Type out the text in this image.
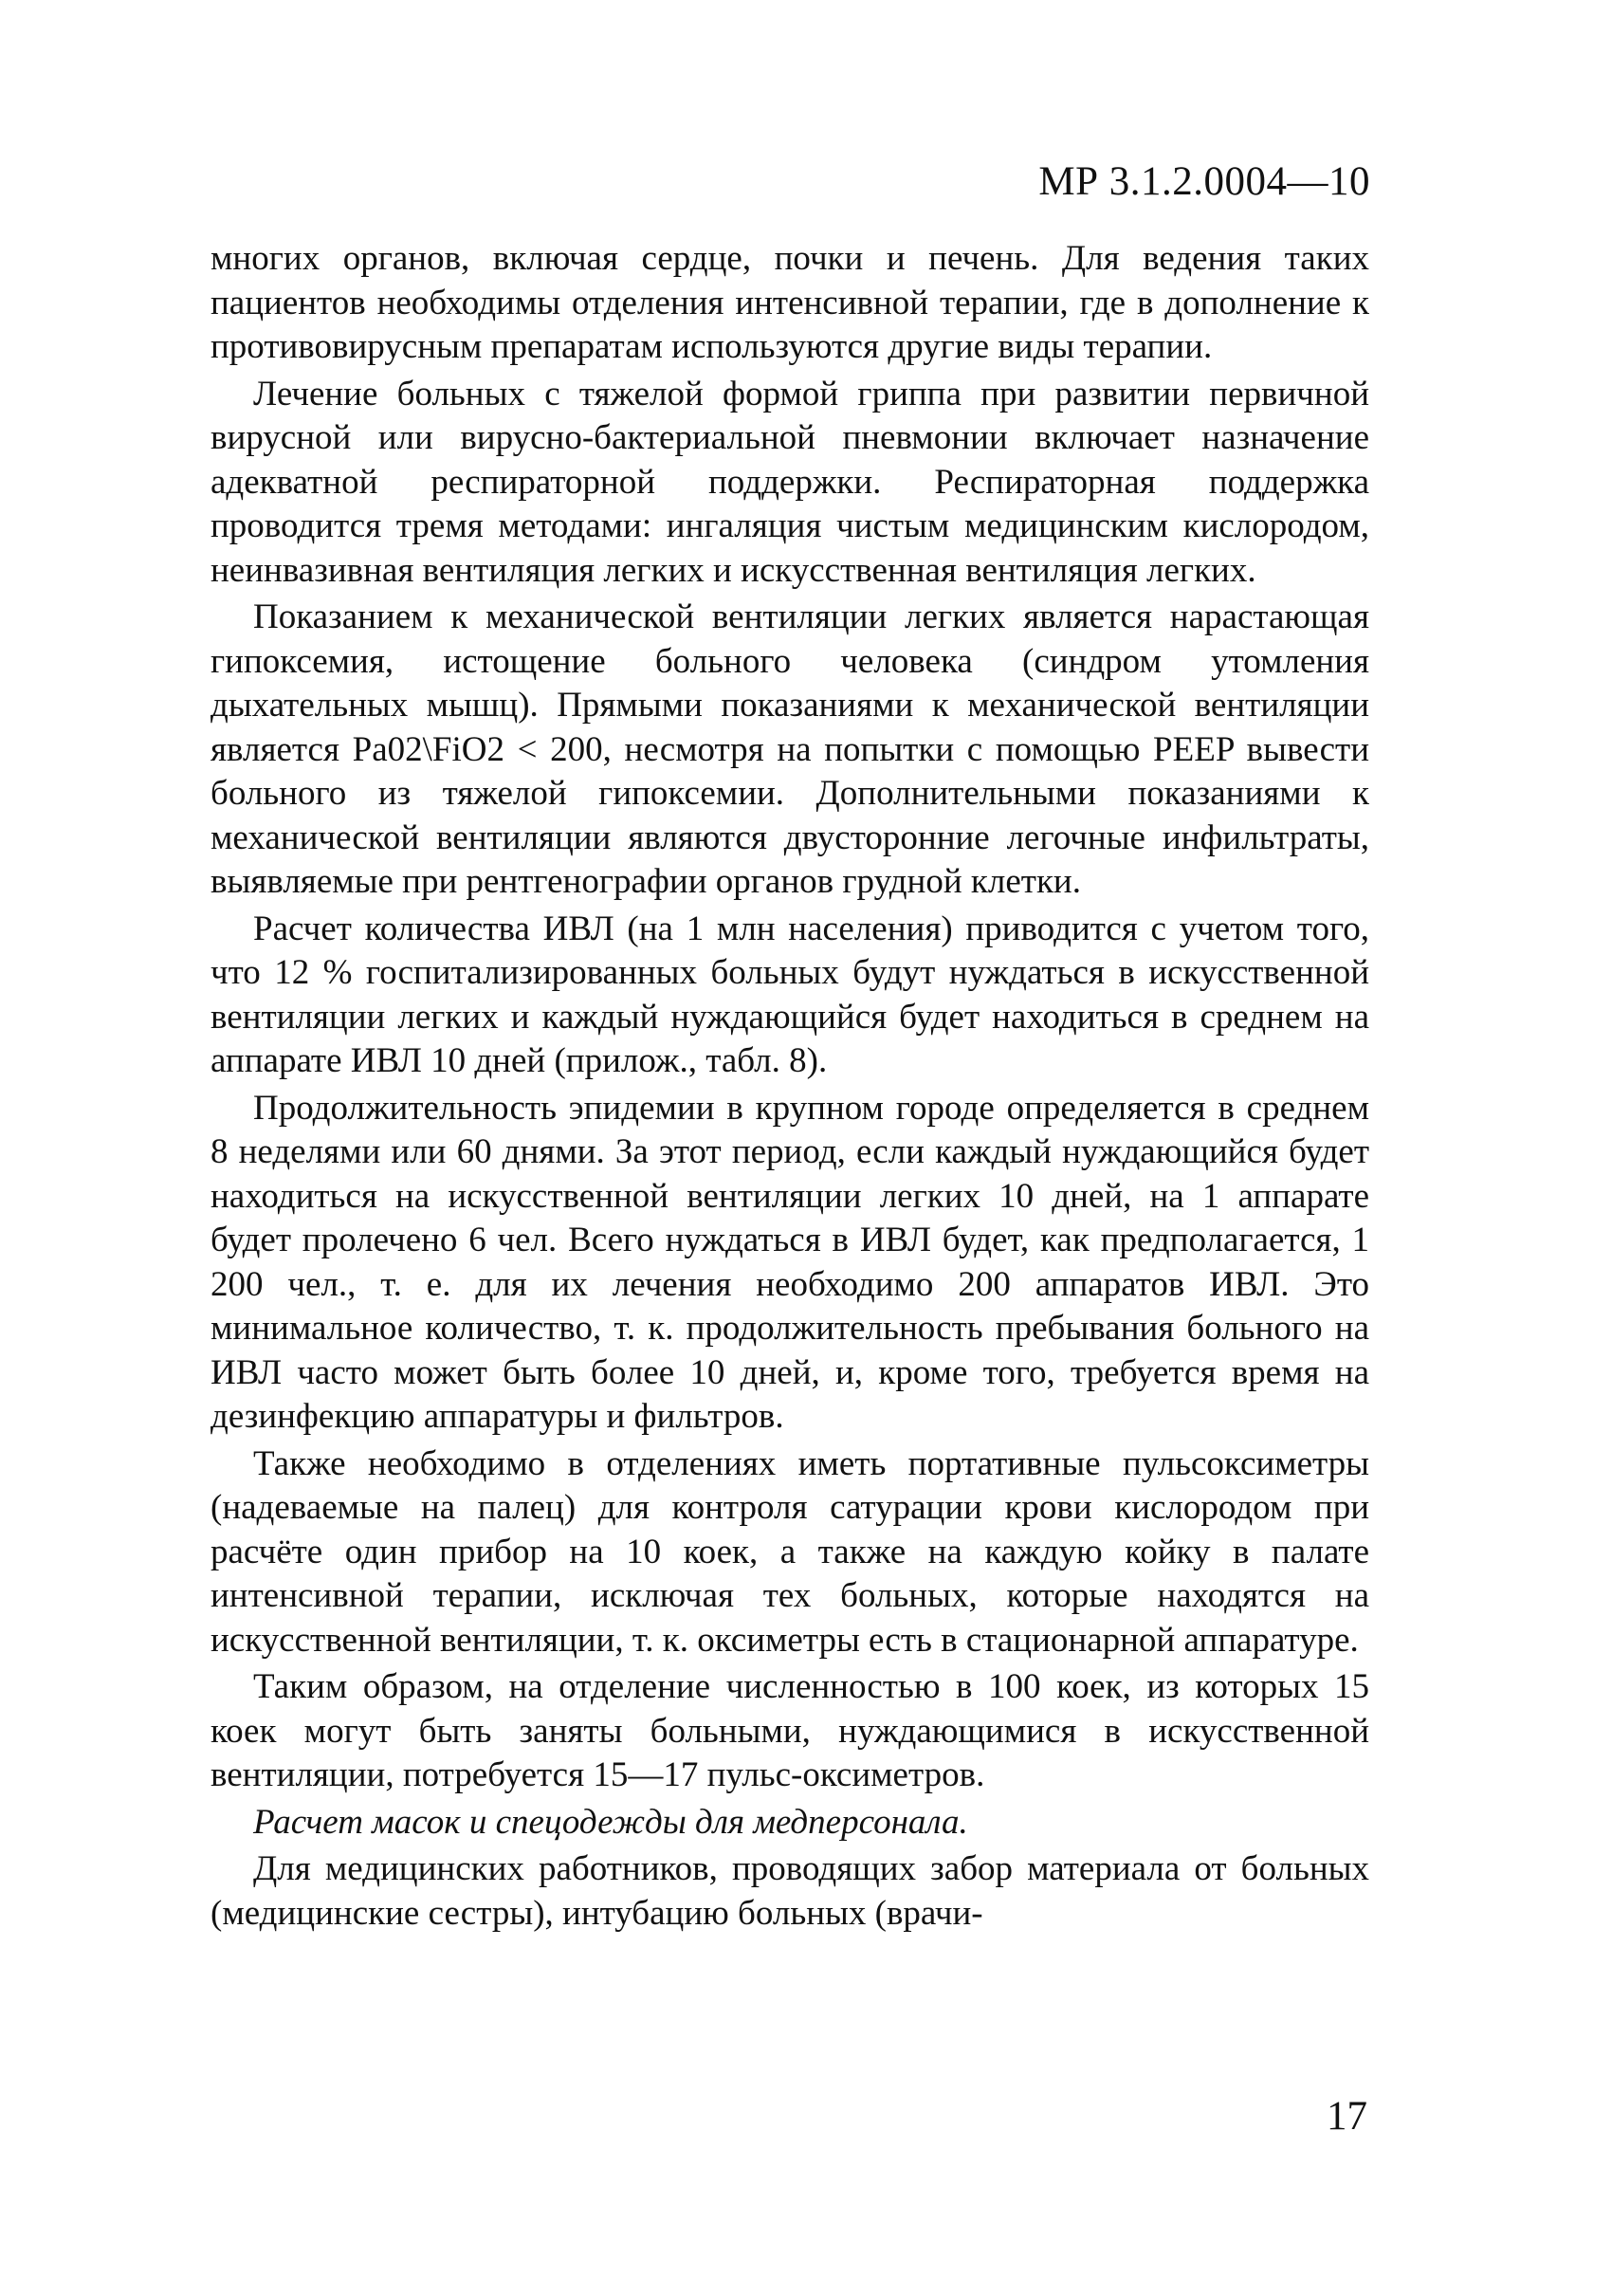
МР 3.1.2.0004—10

многих органов, включая сердце, почки и печень. Для ведения таких пациентов необходимы отделения интенсивной терапии, где в дополнение к противовирусным препаратам используются другие виды терапии.

Лечение больных с тяжелой формой гриппа при развитии первичной вирусной или вирусно-бактериальной пневмонии включает назначение адекватной респираторной поддержки. Респираторная поддержка проводится тремя методами: ингаляция чистым медицинским кислородом, неинвазивная вентиляция легких и искусственная вентиляция легких.

Показанием к механической вентиляции легких является нарастающая гипоксемия, истощение больного человека (синдром утомления дыхательных мышц). Прямыми показаниями к механической вентиляции является Pa02\FiO2 < 200, несмотря на попытки с помощью PEEP вывести больного из тяжелой гипоксемии. Дополнительными показаниями к механической вентиляции являются двусторонние легочные инфильтраты, выявляемые при рентгенографии органов грудной клетки.

Расчет количества ИВЛ (на 1 млн населения) приводится с учетом того, что 12 % госпитализированных больных будут нуждаться в искусственной вентиляции легких и каждый нуждающийся будет находиться в среднем на аппарате ИВЛ 10 дней (прилож., табл. 8).

Продолжительность эпидемии в крупном городе определяется в среднем 8 неделями или 60 днями. За этот период, если каждый нуждающийся будет находиться на искусственной вентиляции легких 10 дней, на 1 аппарате будет пролечено 6 чел. Всего нуждаться в ИВЛ будет, как предполагается, 1 200 чел., т. е. для их лечения необходимо 200 аппаратов ИВЛ. Это минимальное количество, т. к. продолжительность пребывания больного на ИВЛ часто может быть более 10 дней, и, кроме того, требуется время на дезинфекцию аппаратуры и фильтров.

Также необходимо в отделениях иметь портативные пульсоксиметры (надеваемые на палец) для контроля сатурации крови кислородом при расчёте один прибор на 10 коек, а также на каждую койку в палате интенсивной терапии, исключая тех больных, которые находятся на искусственной вентиляции, т. к. оксиметры есть в стационарной аппаратуре.

Таким образом, на отделение численностью в 100 коек, из которых 15 коек могут быть заняты больными, нуждающимися в искусственной вентиляции, потребуется 15—17 пульс-оксиметров.

Расчет масок и спецодежды для медперсонала.

Для медицинских работников, проводящих забор материала от больных (медицинские сестры), интубацию больных (врачи-

17
